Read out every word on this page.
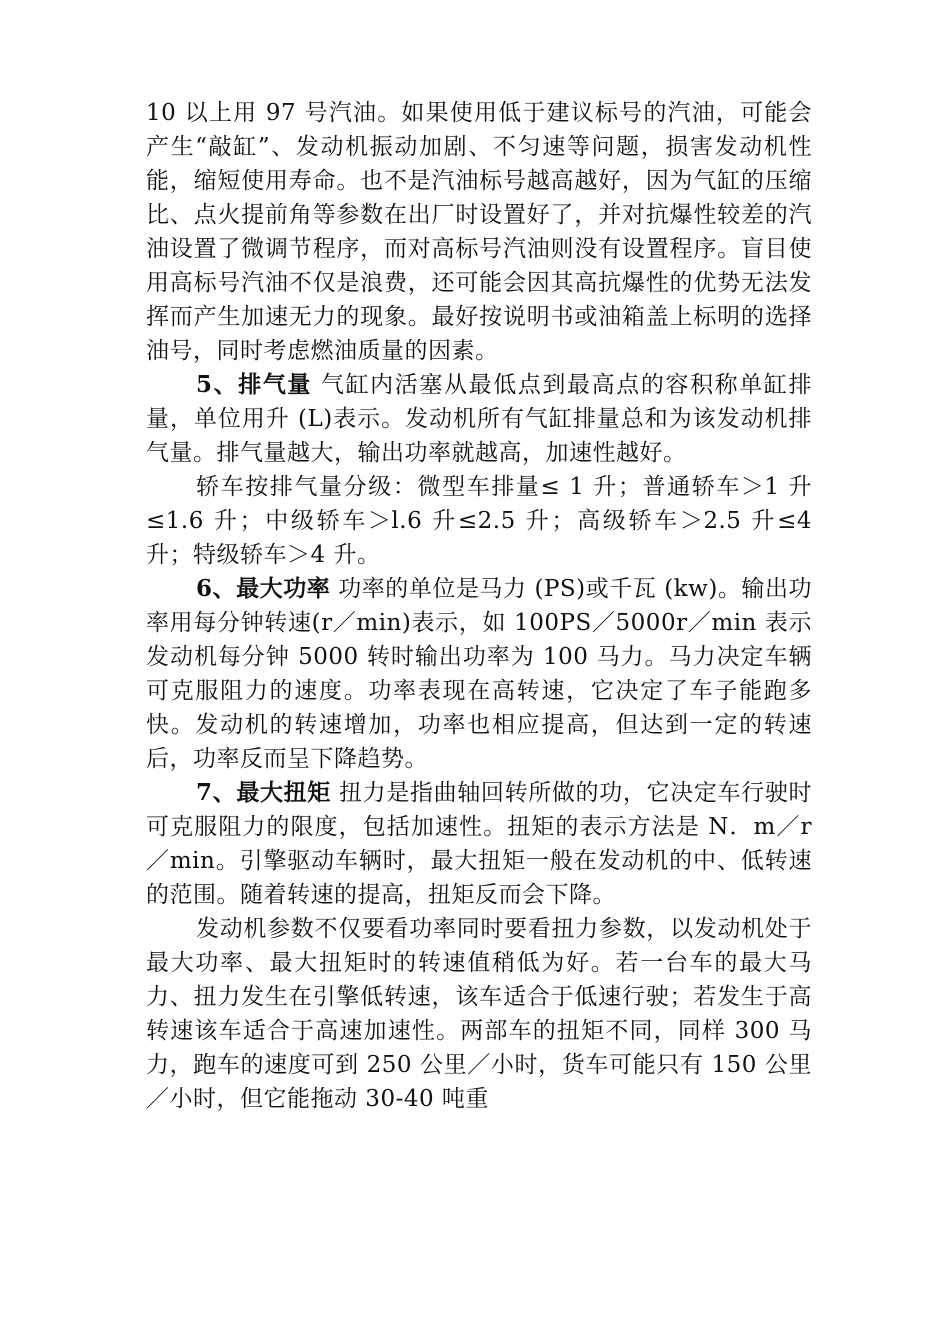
10 以上用 97 号汽油。如果使用低于建议标号的汽油，可能会产生“敲缸”、发动机振动加剧、不匀速等问题，损害发动机性能，缩短使用寿命。也不是汽油标号越高越好，因为气缸的压缩比、点火提前角等参数在出厂时设置好了，并对抗爆性较差的汽油设置了微调节程序，而对高标号汽油则没有设置程序。盲目使用高标号汽油不仅是浪费，还可能会因其高抗爆性的优势无法发挥而产生加速无力的现象。最好按说明书或油箱盖上标明的选择油号，同时考虑燃油质量的因素。

5、排气量 气缸内活塞从最低点到最高点的容积称单缸排量，单位用升 (L)表示。发动机所有气缸排量总和为该发动机排气量。排气量越大，输出功率就越高，加速性越好。

轿车按排气量分级：微型车排量≤ 1 升；普通轿车＞1 升≤1.6 升；中级轿车＞l.6 升≤2.5 升；高级轿车＞2.5 升≤4 升；特级轿车＞4 升。

6、最大功率 功率的单位是马力 (PS)或千瓦 (kw)。输出功率用每分钟转速(r／min)表示，如 100PS／5000r／min 表示发动机每分钟 5000 转时输出功率为 100 马力。马力决定车辆可克服阻力的速度。功率表现在高转速，它决定了车子能跑多快。发动机的转速增加，功率也相应提高，但达到一定的转速后，功率反而呈下降趋势。

7、最大扭矩 扭力是指曲轴回转所做的功，它决定车行驶时可克服阻力的限度，包括加速性。扭矩的表示方法是 N．m／r／min。引擎驱动车辆时，最大扭矩一般在发动机的中、低转速的范围。随着转速的提高，扭矩反而会下降。

发动机参数不仅要看功率同时要看扭力参数，以发动机处于最大功率、最大扭矩时的转速值稍低为好。若一台车的最大马力、扭力发生在引擎低转速，该车适合于低速行驶；若发生于高转速该车适合于高速加速性。两部车的扭矩不同，同样 300 马力，跑车的速度可到 250 公里／小时，货车可能只有 150 公里／小时，但它能拖动 30-40 吨重
